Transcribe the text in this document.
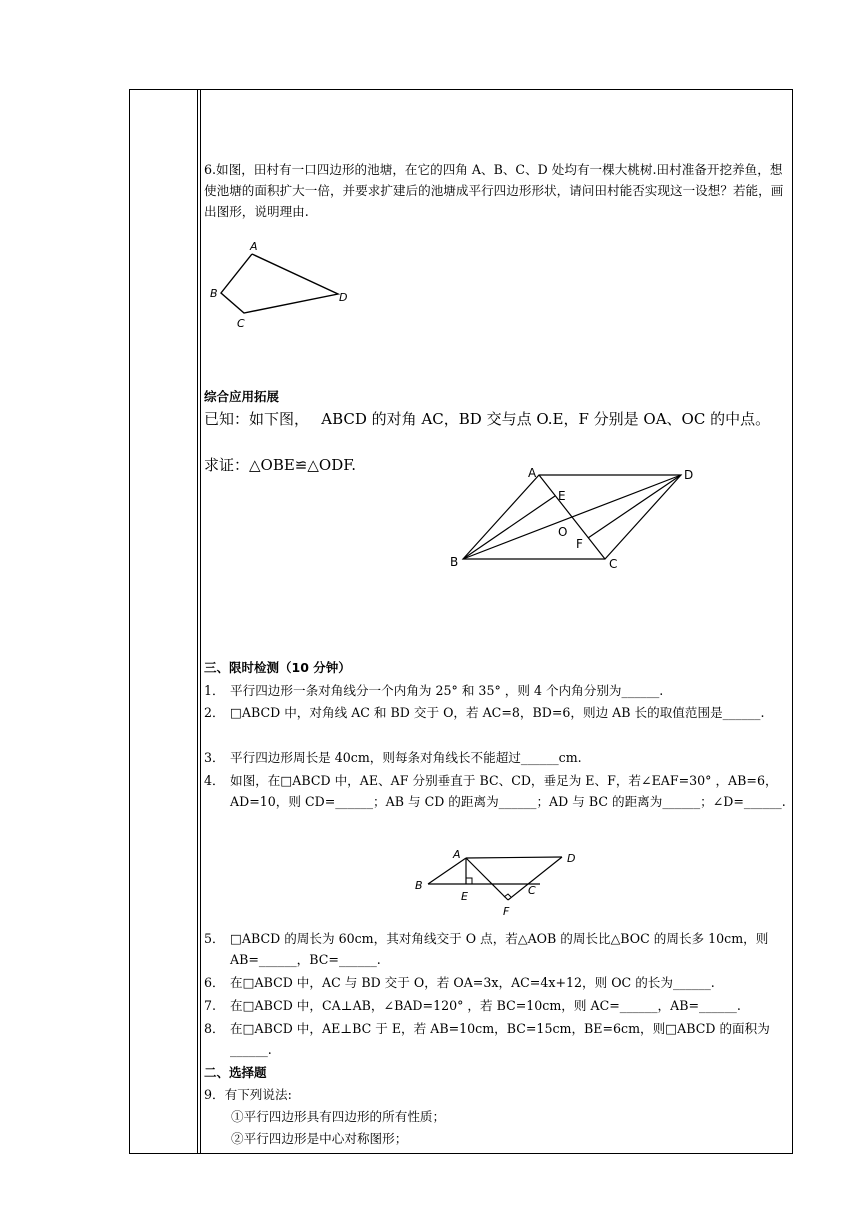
6.如图，田村有一口四边形的池塘，在它的四角 A、B、C、D 处均有一棵大桃树.田村准备开挖养鱼，想使池塘的面积扩大一倍，并要求扩建后的池塘成平行四边形形状，请问田村能否实现这一设想？若能，画出图形，说明理由.
A
B
C
D
综合应用拓展
已知：如下图，　 ABCD 的对角 AC，BD 交与点 O.E，F 分别是 OA、OC 的中点。
求证：△OBE≌△ODF.	A	D
E
O
F
B	C
三、限时检测（10 分钟）
1． 平行四边形一条对角线分一个内角为 25° 和 35° ，则 4 个内角分别为______.
2． □ABCD 中，对角线 AC 和 BD 交于 O，若 AC=8，BD=6，则边 AB 长的取值范围是______.
3． 平行四边形周长是 40cm，则每条对角线长不能超过______cm.
4． 如图，在□ABCD 中，AE、AF 分别垂直于 BC、CD，垂足为 E、F，若∠EAF=30° ，AB=6，AD=10，则 CD=______；AB 与 CD 的距离为______；AD 与 BC 的距离为______；∠D=______.
A	D
B
E	C
F
5． □ABCD 的周长为 60cm，其对角线交于 O 点，若△AOB 的周长比△BOC 的周长多 10cm，则 AB=______，BC=______.
6． 在□ABCD 中，AC 与 BD 交于 O，若 OA=3x，AC=4x+12，则 OC 的长为______.
7. 在□ABCD 中，CA⊥AB，∠BAD=120° ，若 BC=10cm，则 AC=______，AB=______.
8． 在□ABCD 中，AE⊥BC 于 E，若 AB=10cm，BC=15cm，BE=6cm，则□ABCD 的面积为______.
二、选择题
9．有下列说法:
①平行四边形具有四边形的所有性质；
②平行四边形是中心对称图形；
